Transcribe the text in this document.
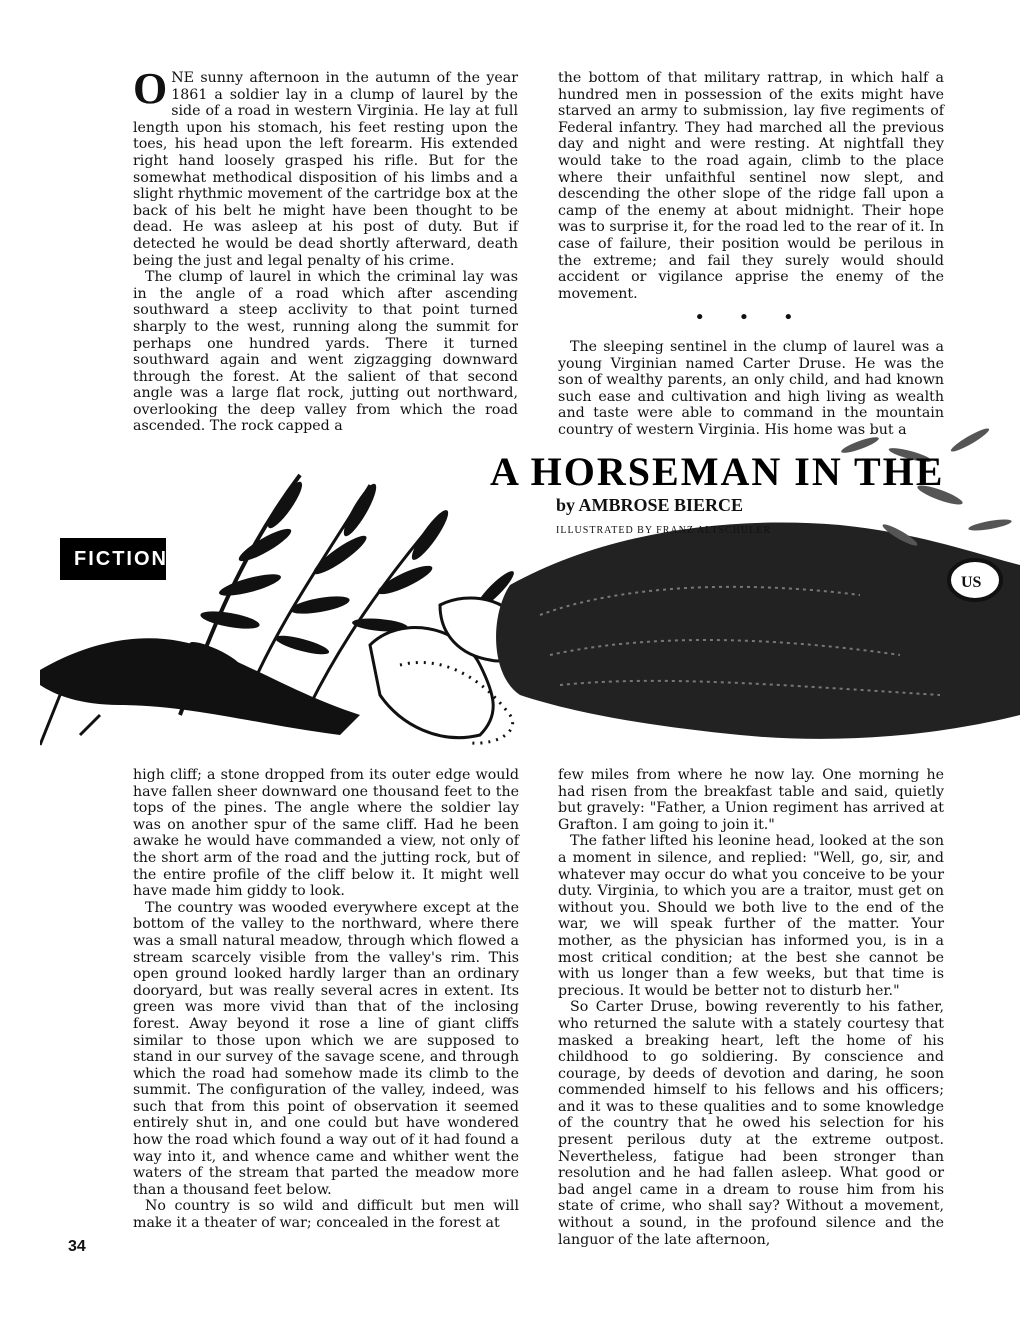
ONE sunny afternoon in the autumn of the year 1861 a soldier lay in a clump of laurel by the side of a road in western Virginia. He lay at full length upon his stomach, his feet resting upon the toes, his head upon the left forearm. His extended right hand loosely grasped his rifle. But for the somewhat methodical disposition of his limbs and a slight rhythmic movement of the cartridge box at the back of his belt he might have been thought to be dead. He was asleep at his post of duty. But if detected he would be dead shortly afterward, death being the just and legal penalty of his crime.

The clump of laurel in which the criminal lay was in the angle of a road which after ascending southward a steep acclivity to that point turned sharply to the west, running along the summit for perhaps one hundred yards. There it turned southward again and went zigzagging downward through the forest. At the salient of that second angle was a large flat rock, jutting out northward, overlooking the deep valley from which the road ascended. The rock capped a

the bottom of that military rattrap, in which half a hundred men in possession of the exits might have starved an army to submission, lay five regiments of Federal infantry. They had marched all the previous day and night and were resting. At nightfall they would take to the road again, climb to the place where their unfaithful sentinel now slept, and descending the other slope of the ridge fall upon a camp of the enemy at about midnight. Their hope was to surprise it, for the road led to the rear of it. In case of failure, their position would be perilous in the extreme; and fail they surely would should accident or vigilance apprise the enemy of the movement.

• • •

The sleeping sentinel in the clump of laurel was a young Virginian named Carter Druse. He was the son of wealthy parents, an only child, and had known such ease and cultivation and high living as wealth and taste were able to command in the mountain country of western Virginia. His home was but a

US
A HORSEMAN IN THE
by AMBROSE BIERCE
ILLUSTRATED BY FRANZ ALTSCHULER
FICTION

high cliff; a stone dropped from its outer edge would have fallen sheer downward one thousand feet to the tops of the pines. The angle where the soldier lay was on another spur of the same cliff. Had he been awake he would have commanded a view, not only of the short arm of the road and the jutting rock, but of the entire profile of the cliff below it. It might well have made him giddy to look.

The country was wooded everywhere except at the bottom of the valley to the northward, where there was a small natural meadow, through which flowed a stream scarcely visible from the valley's rim. This open ground looked hardly larger than an ordinary dooryard, but was really several acres in extent. Its green was more vivid than that of the inclosing forest. Away beyond it rose a line of giant cliffs similar to those upon which we are supposed to stand in our survey of the savage scene, and through which the road had somehow made its climb to the summit. The configuration of the valley, indeed, was such that from this point of observation it seemed entirely shut in, and one could but have wondered how the road which found a way out of it had found a way into it, and whence came and whither went the waters of the stream that parted the meadow more than a thousand feet below.

No country is so wild and difficult but men will make it a theater of war; concealed in the forest at

few miles from where he now lay. One morning he had risen from the breakfast table and said, quietly but gravely: "Father, a Union regiment has arrived at Grafton. I am going to join it."

The father lifted his leonine head, looked at the son a moment in silence, and replied: "Well, go, sir, and whatever may occur do what you conceive to be your duty. Virginia, to which you are a traitor, must get on without you. Should we both live to the end of the war, we will speak further of the matter. Your mother, as the physician has informed you, is in a most critical condition; at the best she cannot be with us longer than a few weeks, but that time is precious. It would be better not to disturb her."

So Carter Druse, bowing reverently to his father, who returned the salute with a stately courtesy that masked a breaking heart, left the home of his childhood to go soldiering. By conscience and courage, by deeds of devotion and daring, he soon commended himself to his fellows and his officers; and it was to these qualities and to some knowledge of the country that he owed his selection for his present perilous duty at the extreme outpost. Nevertheless, fatigue had been stronger than resolution and he had fallen asleep. What good or bad angel came in a dream to rouse him from his state of crime, who shall say? Without a movement, without a sound, in the profound silence and the languor of the late afternoon,

34
